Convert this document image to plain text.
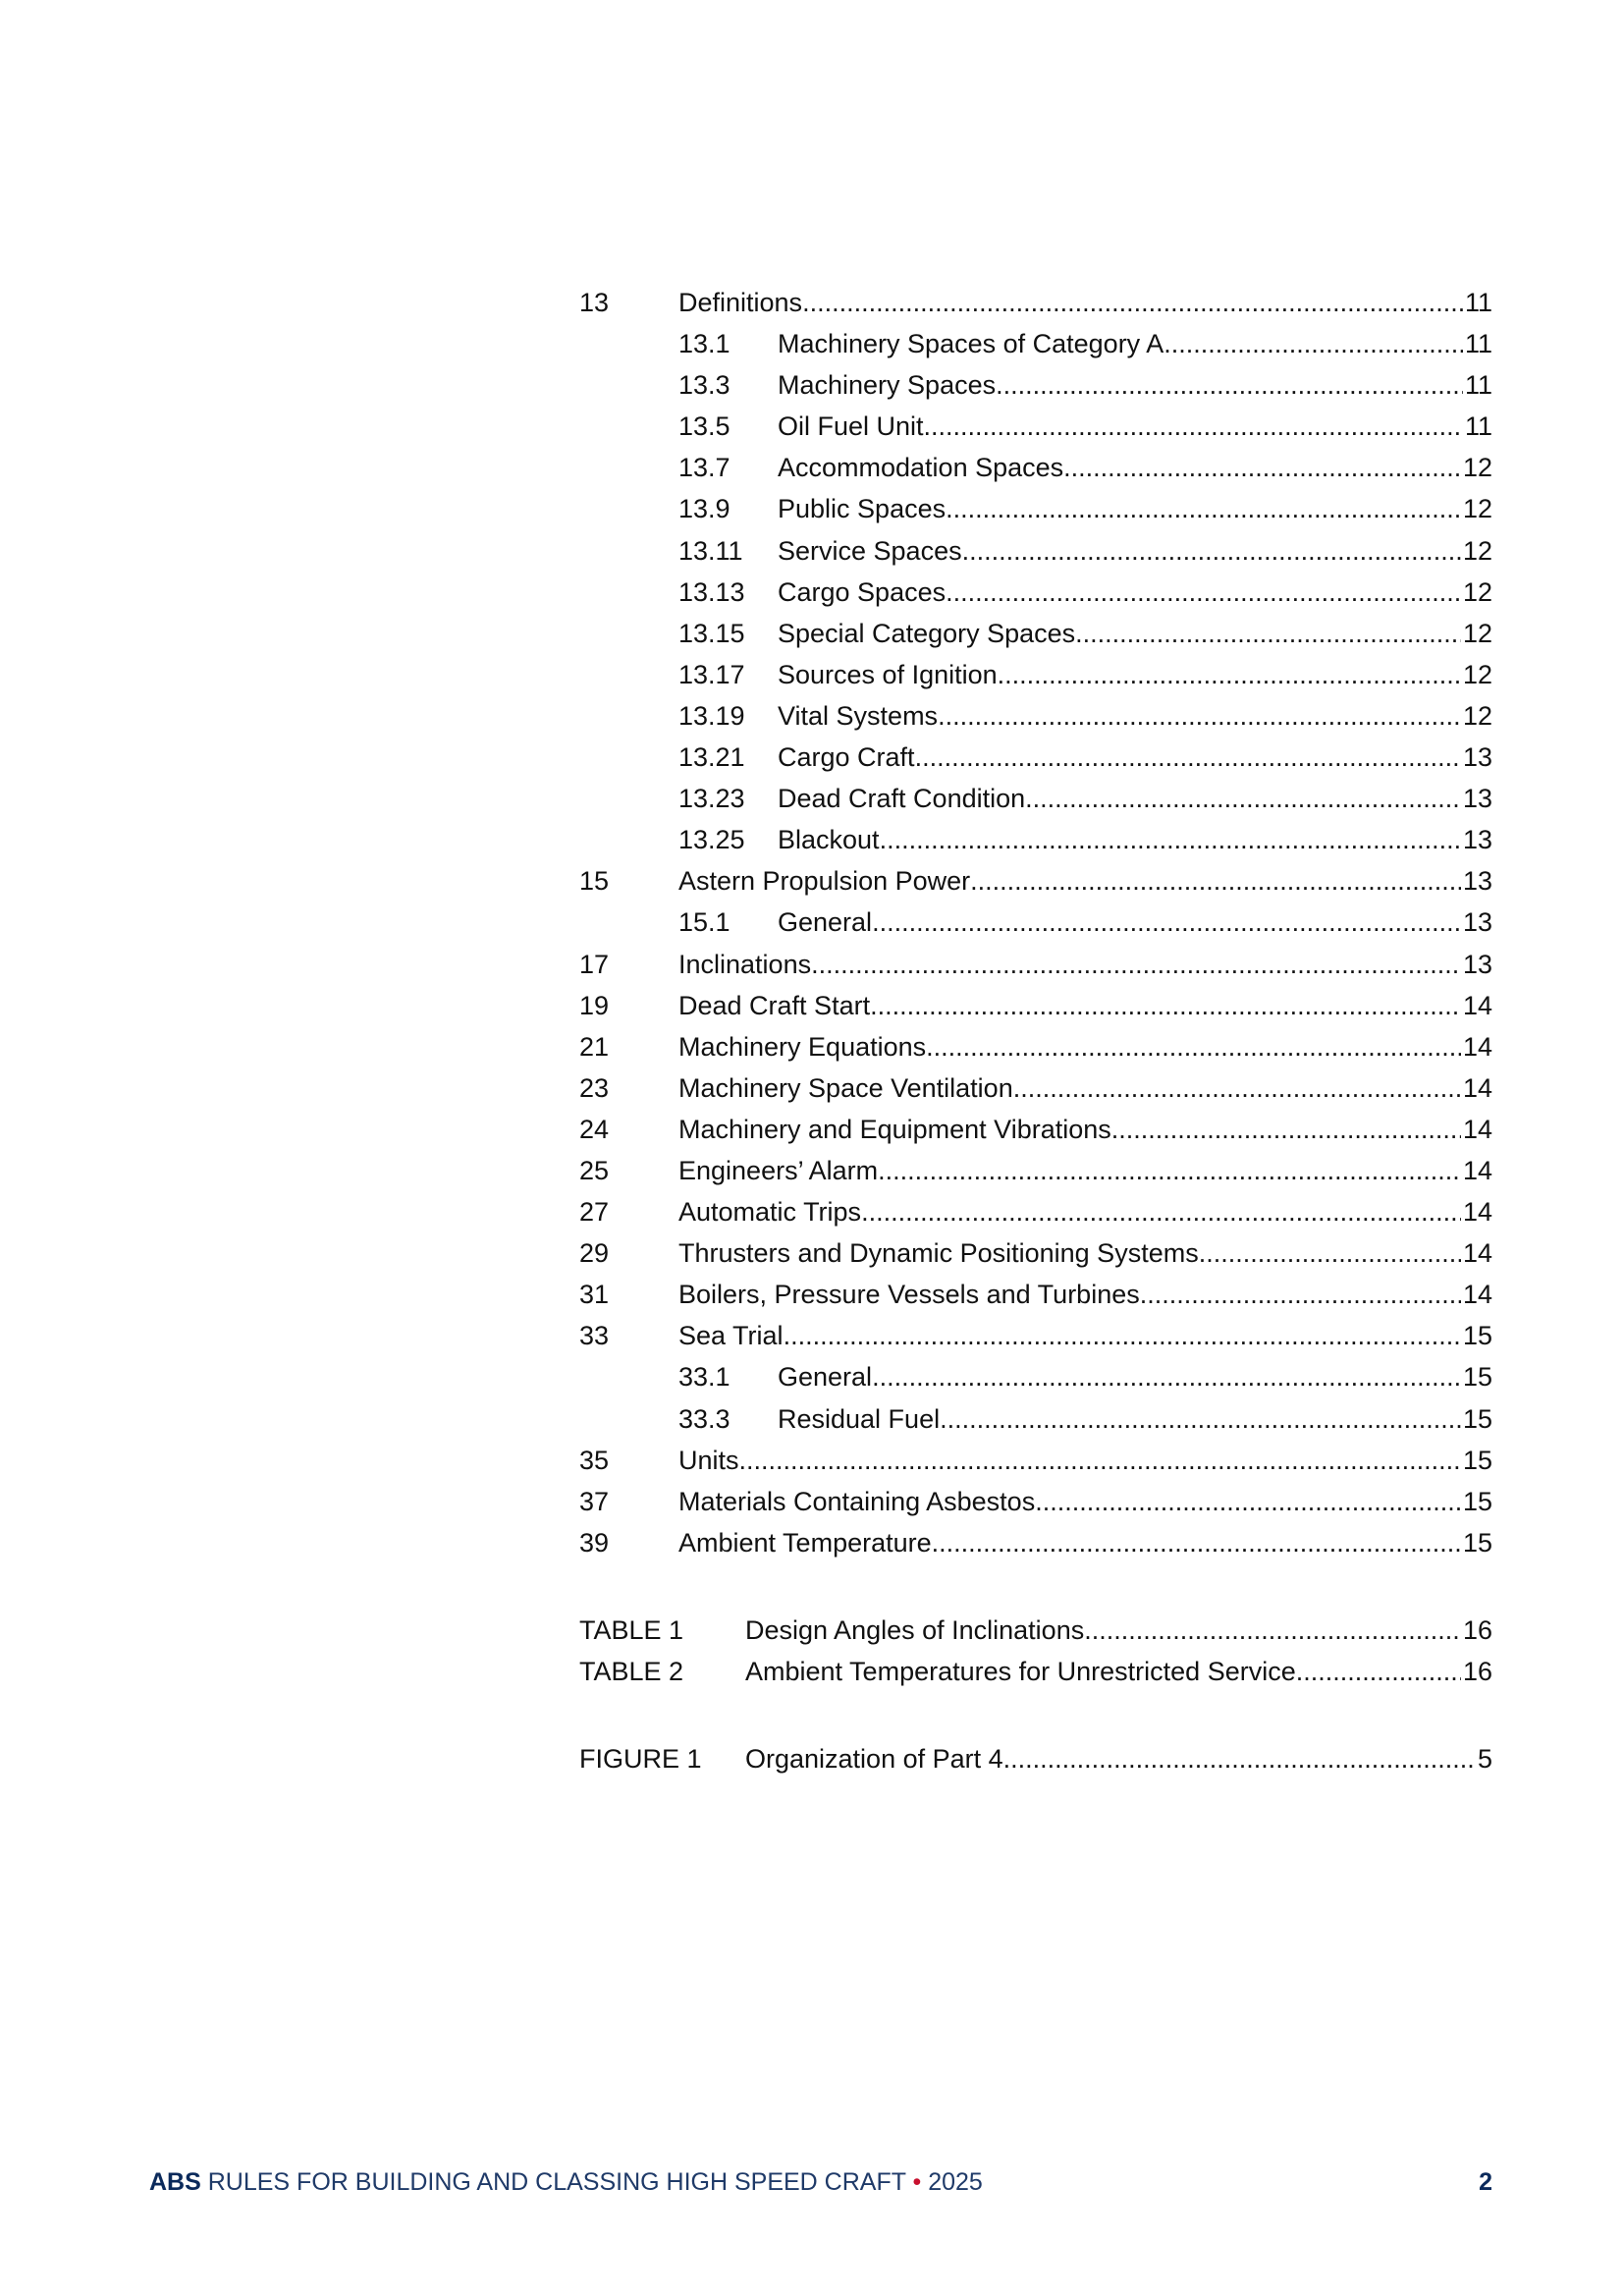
13	Definitions .....	11
13.1 Machinery Spaces of Category A .....	11
13.3 Machinery Spaces .....	11
13.5 Oil Fuel Unit .....	11
13.7 Accommodation Spaces .....	12
13.9 Public Spaces .....	12
13.11 Service Spaces .....	12
13.13 Cargo Spaces .....	12
13.15 Special Category Spaces .....	12
13.17 Sources of Ignition .....	12
13.19 Vital Systems .....	12
13.21 Cargo Craft .....	13
13.23 Dead Craft Condition .....	13
13.25 Blackout .....	13
15	Astern Propulsion Power .....	13
15.1 General .....	13
17	Inclinations .....	13
19	Dead Craft Start .....	14
21	Machinery Equations .....	14
23	Machinery Space Ventilation .....	14
24	Machinery and Equipment Vibrations .....	14
25	Engineers’ Alarm .....	14
27	Automatic Trips .....	14
29	Thrusters and Dynamic Positioning Systems .....	14
31	Boilers, Pressure Vessels and Turbines .....	14
33	Sea Trial .....	15
33.1 General .....	15
33.3 Residual Fuel .....	15
35	Units .....	15
37	Materials Containing Asbestos .....	15
39	Ambient Temperature .....	15
TABLE 1 Design Angles of Inclinations .....	16
TABLE 2 Ambient Temperatures for Unrestricted Service .....	16
FIGURE 1 Organization of Part 4 .....	5
ABS RULES FOR BUILDING AND CLASSING HIGH SPEED CRAFT • 2025	2
